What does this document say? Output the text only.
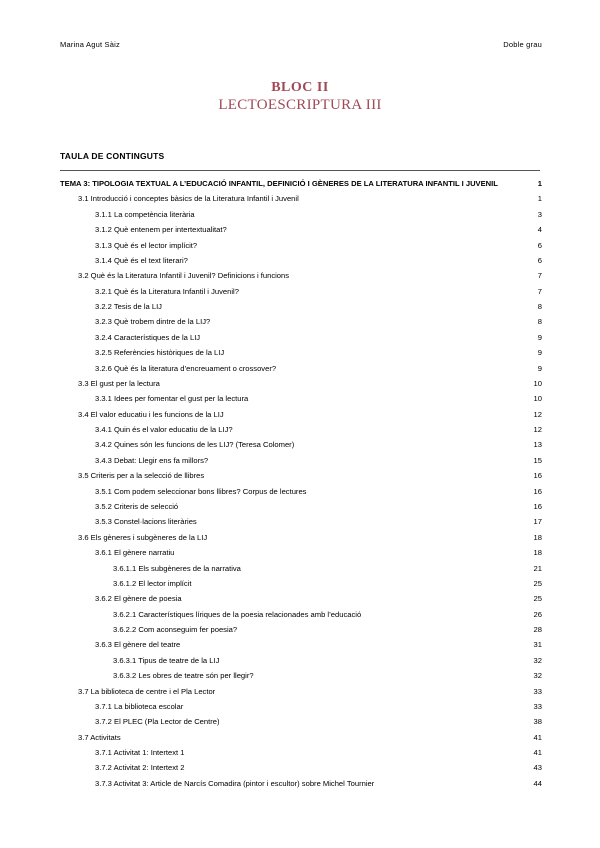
Marina Agut Sàiz	Doble grau
BLOC II
LECTOESCRIPTURA III
TAULA DE CONTINGUTS
TEMA 3: TIPOLOGIA TEXTUAL A L’EDUCACIÓ INFANTIL, DEFINICIÓ I GÈNERES DE LA LITERATURA INFANTIL I JUVENIL	1
3.1 Introducció i conceptes bàsics de la Literatura Infantil i Juvenil	1
3.1.1 La competència literària	3
3.1.2 Què entenem per intertextualitat?	4
3.1.3 Què és el lector implícit?	6
3.1.4 Què és el text literari?	6
3.2 Què és la Literatura Infantil i Juvenil? Definicions i funcions	7
3.2.1 Què és la Literatura Infantil i Juvenil?	7
3.2.2 Tesis de la LIJ	8
3.2.3 Què trobem dintre de la LIJ?	8
3.2.4 Característiques de la LIJ	9
3.2.5 Referències històriques de la LIJ	9
3.2.6 Què és la literatura d’encreuament o crossover?	9
3.3 El gust per la lectura	10
3.3.1 Idees per fomentar el gust per la lectura	10
3.4 El valor educatiu i les funcions de la LIJ	12
3.4.1 Quin és el valor educatiu de la LIJ?	12
3.4.2 Quines són les funcions de les LIJ? (Teresa Colomer)	13
3.4.3 Debat: Llegir ens fa millors?	15
3.5 Criteris per a la selecció de llibres	16
3.5.1 Com podem seleccionar bons llibres? Corpus de lectures	16
3.5.2 Criteris de selecció	16
3.5.3 Constel·lacions literàries	17
3.6 Els gèneres i subgèneres de la LIJ	18
3.6.1 El gènere narratiu	18
3.6.1.1 Els subgèneres de la narrativa	21
3.6.1.2 El lector implícit	25
3.6.2 El gènere de poesia	25
3.6.2.1 Característiques líriques de la poesia relacionades amb l’educació	26
3.6.2.2 Com aconseguim fer poesia?	28
3.6.3 El gènere del teatre	31
3.6.3.1 Tipus de teatre de la LIJ	32
3.6.3.2 Les obres de teatre són per llegir?	32
3.7 La biblioteca de centre i el Pla Lector	33
3.7.1 La biblioteca escolar	33
3.7.2 El PLEC (Pla Lector de Centre)	38
3.7 Activitats	41
3.7.1 Activitat 1: Intertext 1	41
3.7.2 Activitat 2: Intertext 2	43
3.7.3 Activitat 3: Article de Narcís Comadira (pintor i escultor) sobre Michel Tournier	44
